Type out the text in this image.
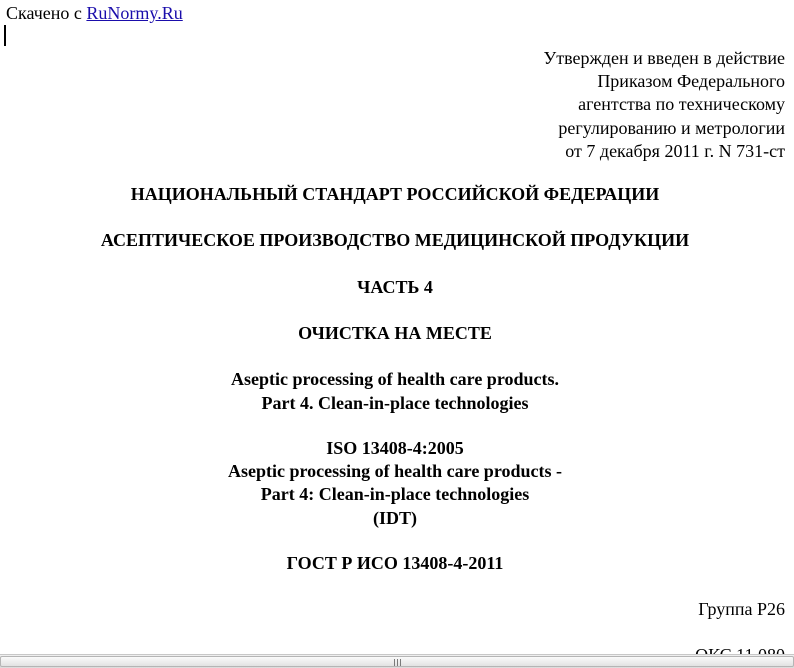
Скачено с RuNormy.Ru
Утвержден и введен в действие
Приказом Федерального
агентства по техническому
регулированию и метрологии
от 7 декабря 2011 г. N 731-ст
НАЦИОНАЛЬНЫЙ СТАНДАРТ РОССИЙСКОЙ ФЕДЕРАЦИИ
АСЕПТИЧЕСКОЕ ПРОИЗВОДСТВО МЕДИЦИНСКОЙ ПРОДУКЦИИ
ЧАСТЬ 4
ОЧИСТКА НА МЕСТЕ
Aseptic processing of health care products.
Part 4. Clean-in-place technologies
ISO 13408-4:2005
Aseptic processing of health care products -
Part 4: Clean-in-place technologies
(IDT)
ГОСТ Р ИСО 13408-4-2011
Группа Р26
